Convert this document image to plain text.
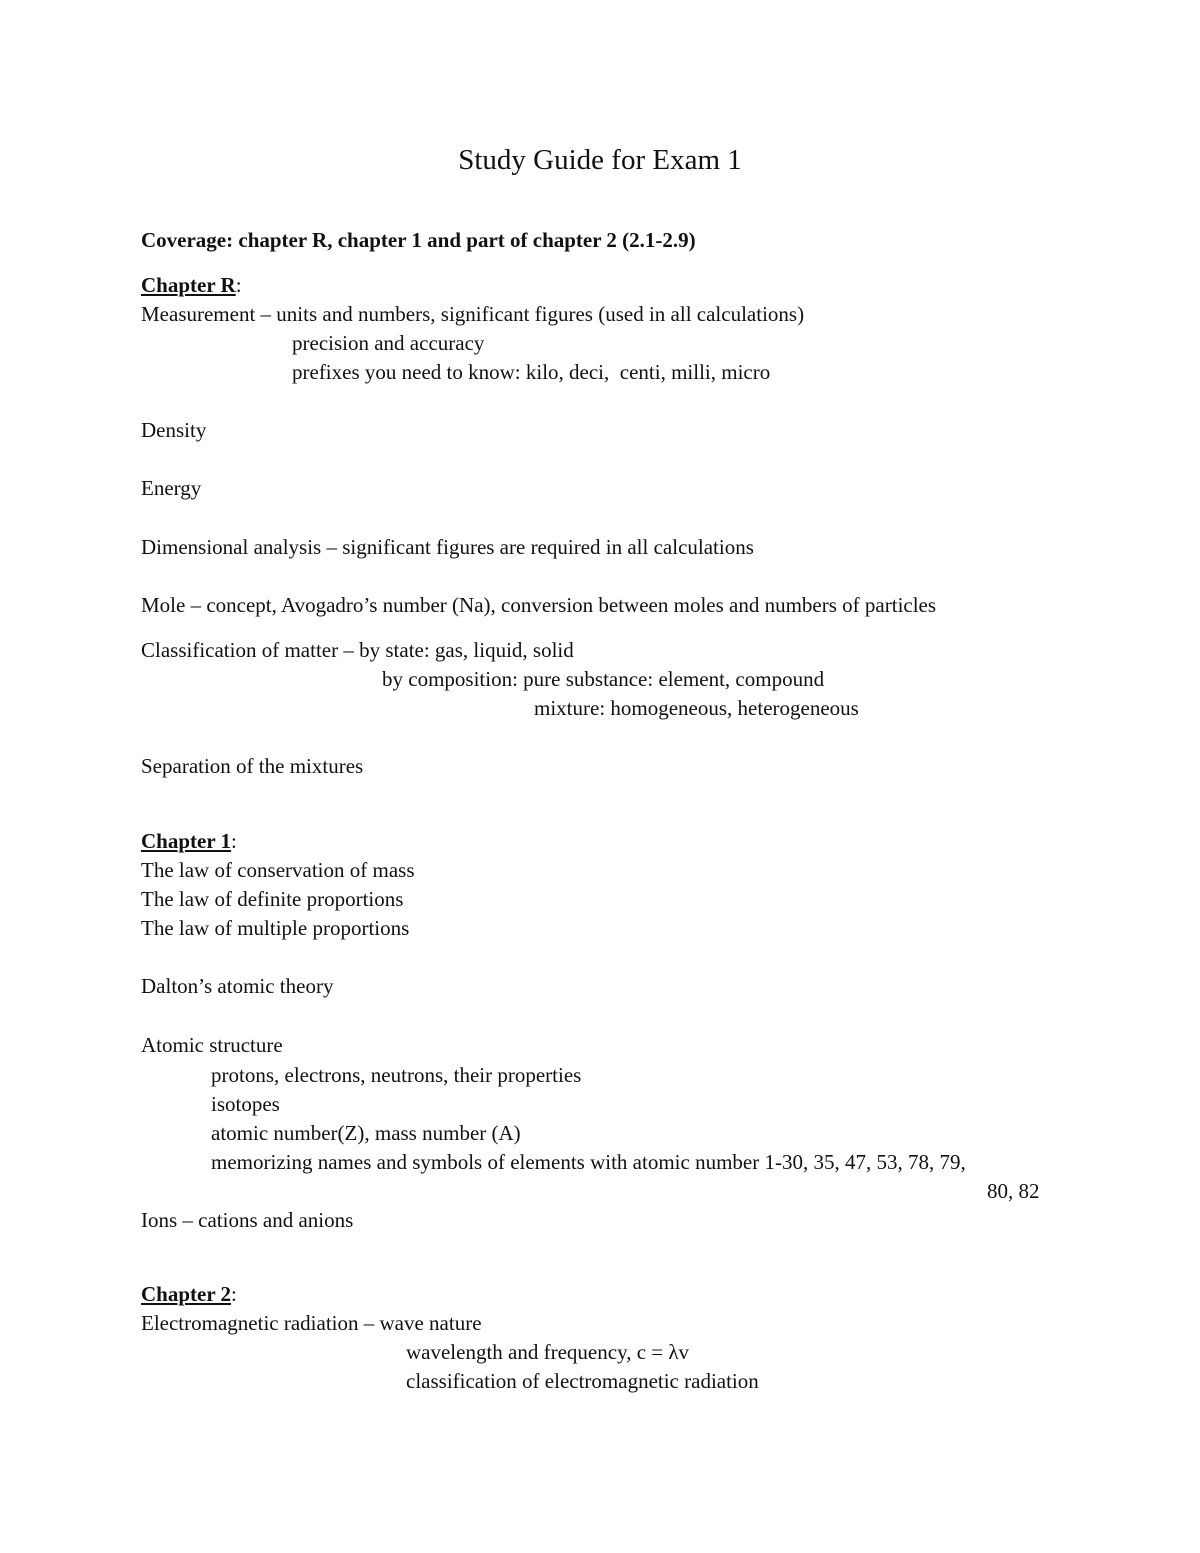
Study Guide for Exam 1
Coverage: chapter R, chapter 1 and part of chapter 2 (2.1-2.9)
Chapter R:
Measurement – units and numbers, significant figures (used in all calculations)
precision and accuracy
prefixes you need to know: kilo, deci,  centi, milli, micro
Density
Energy
Dimensional analysis – significant figures are required in all calculations
Mole – concept, Avogadro’s number (Na), conversion between moles and numbers of particles
Classification of matter – by state: gas, liquid, solid
by composition: pure substance: element, compound
mixture: homogeneous, heterogeneous
Separation of the mixtures
Chapter 1:
The law of conservation of mass
The law of definite proportions
The law of multiple proportions
Dalton’s atomic theory
Atomic structure
protons, electrons, neutrons, their properties
isotopes
atomic number(Z), mass number (A)
memorizing names and symbols of elements with atomic number 1-30, 35, 47, 53, 78, 79,
80, 82
Ions – cations and anions
Chapter 2:
Electromagnetic radiation – wave nature
wavelength and frequency, c = λv
classification of electromagnetic radiation
